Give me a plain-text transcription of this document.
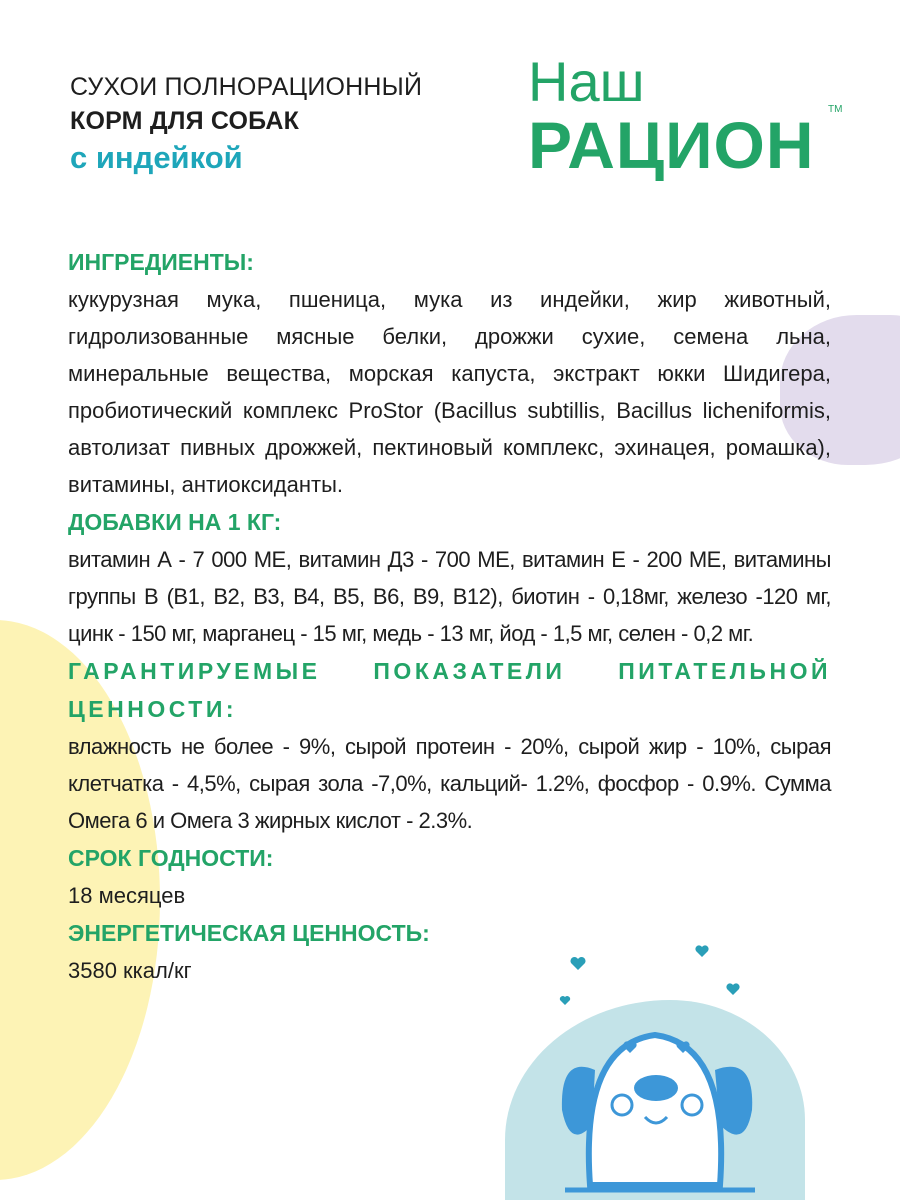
СУХОИ ПОЛНОРАЦИОННЫЙ
КОРМ ДЛЯ СОБАК
с индейкой
Наш
РАЦИОН TM
ИНГРЕДИЕНТЫ:
кукурузная мука, пшеница, мука из индейки, жир животный, гидролизованные мясные белки, дрожжи сухие, семена льна, минеральные вещества, морская капуста, экстракт юкки Шидигера, пробиотический комплекс ProStor (Bacillus subtillis, Bacillus licheniformis, автолизат пивных дрожжей, пектиновый комплекс, эхинацея, ромашка), витамины, антиоксиданты.
ДОБАВКИ НА 1 КГ:
витамин А - 7 000 МЕ, витамин Д3 - 700 МЕ, витамин Е - 200 МЕ, витамины группы В (В1, В2, В3, В4, В5, В6, В9, В12), биотин - 0,18мг, железо -120 мг, цинк - 150 мг, марганец - 15 мг, медь - 13 мг, йод - 1,5 мг, селен - 0,2 мг.
ГАРАНТИРУЕМЫЕ ПОКАЗАТЕЛИ ПИТАТЕЛЬНОЙ ЦЕННОСТИ:
влажность не более - 9%, сырой протеин - 20%, сырой жир - 10%, сырая клетчатка - 4,5%, сырая зола -7,0%, кальций- 1.2%, фосфор - 0.9%. Сумма Омега 6 и Омега 3 жирных кислот - 2.3%.
СРОК ГОДНОСТИ:
18 месяцев
ЭНЕРГЕТИЧЕСКАЯ ЦЕННОСТЬ:
3580 ккал/кг
